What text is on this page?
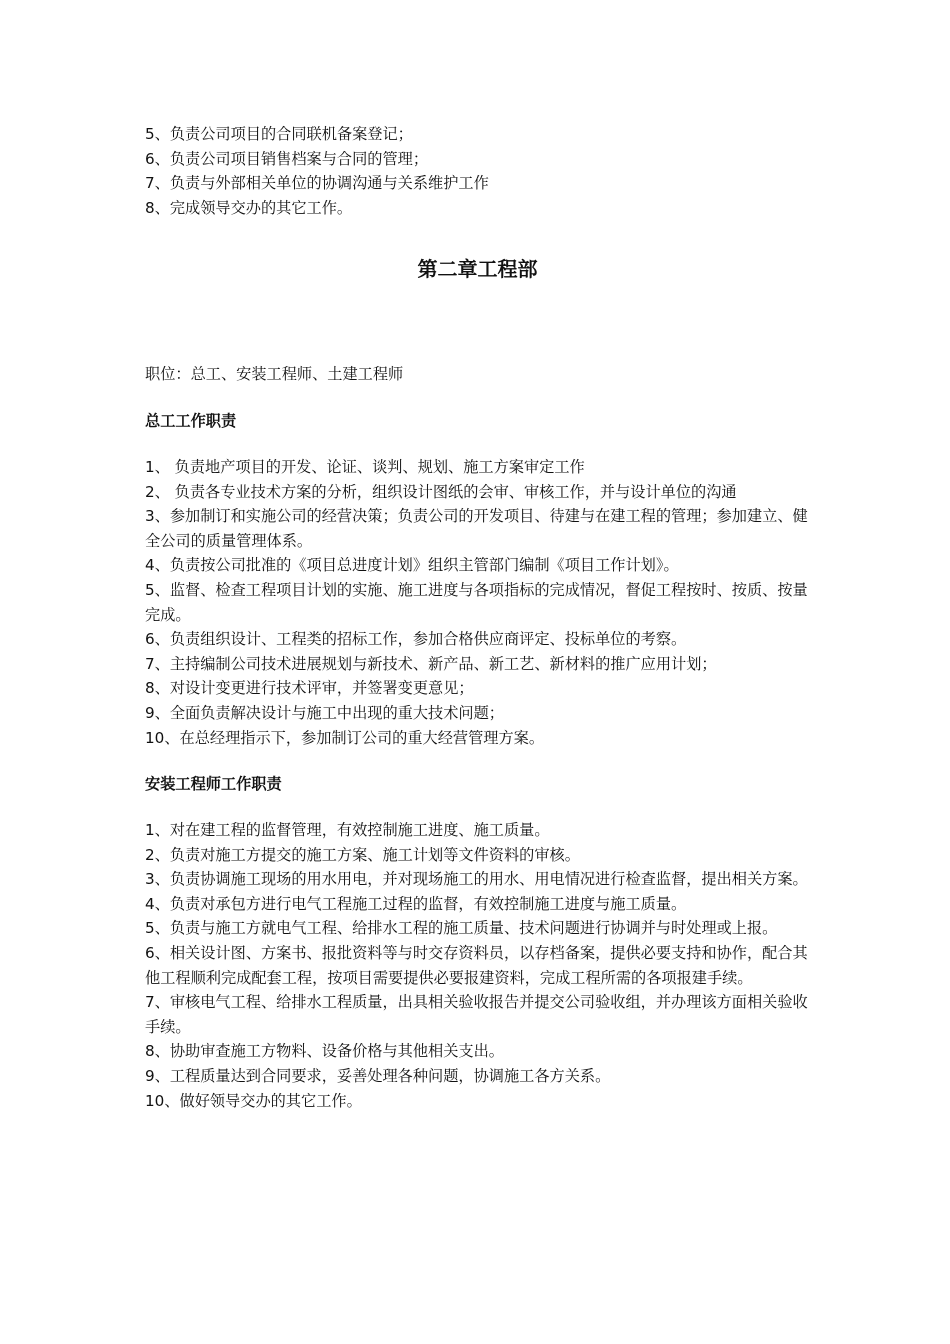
5、负责公司项目的合同联机备案登记；

6、负责公司项目销售档案与合同的管理；

7、负责与外部相关单位的协调沟通与关系维护工作

8、完成领导交办的其它工作。

第二章工程部

职位：总工、安装工程师、土建工程师

总工工作职责

1、 负责地产项目的开发、论证、谈判、规划、施工方案审定工作

2、 负责各专业技术方案的分析，组织设计图纸的会审、审核工作，并与设计单位的沟通

3、参加制订和实施公司的经营决策；负责公司的开发项目、待建与在建工程的管理；参加建立、健全公司的质量管理体系。

4、负责按公司批准的《项目总进度计划》组织主管部门编制《项目工作计划》。

5、监督、检查工程项目计划的实施、施工进度与各项指标的完成情况，督促工程按时、按质、按量完成。

6、负责组织设计、工程类的招标工作，参加合格供应商评定、投标单位的考察。

7、主持编制公司技术进展规划与新技术、新产品、新工艺、新材料的推广应用计划；

8、对设计变更进行技术评审，并签署变更意见；

9、全面负责解决设计与施工中出现的重大技术问题；

10、在总经理指示下，参加制订公司的重大经营管理方案。

安装工程师工作职责

1、对在建工程的监督管理，有效控制施工进度、施工质量。

2、负责对施工方提交的施工方案、施工计划等文件资料的审核。

3、负责协调施工现场的用水用电，并对现场施工的用水、用电情况进行检查监督，提出相关方案。

4、负责对承包方进行电气工程施工过程的监督，有效控制施工进度与施工质量。

5、负责与施工方就电气工程、给排水工程的施工质量、技术问题进行协调并与时处理或上报。

6、相关设计图、方案书、报批资料等与时交存资料员，以存档备案，提供必要支持和协作，配合其他工程顺利完成配套工程，按项目需要提供必要报建资料，完成工程所需的各项报建手续。

7、审核电气工程、给排水工程质量，出具相关验收报告并提交公司验收组，并办理该方面相关验收手续。

8、协助审查施工方物料、设备价格与其他相关支出。

9、工程质量达到合同要求，妥善处理各种问题，协调施工各方关系。

10、做好领导交办的其它工作。
